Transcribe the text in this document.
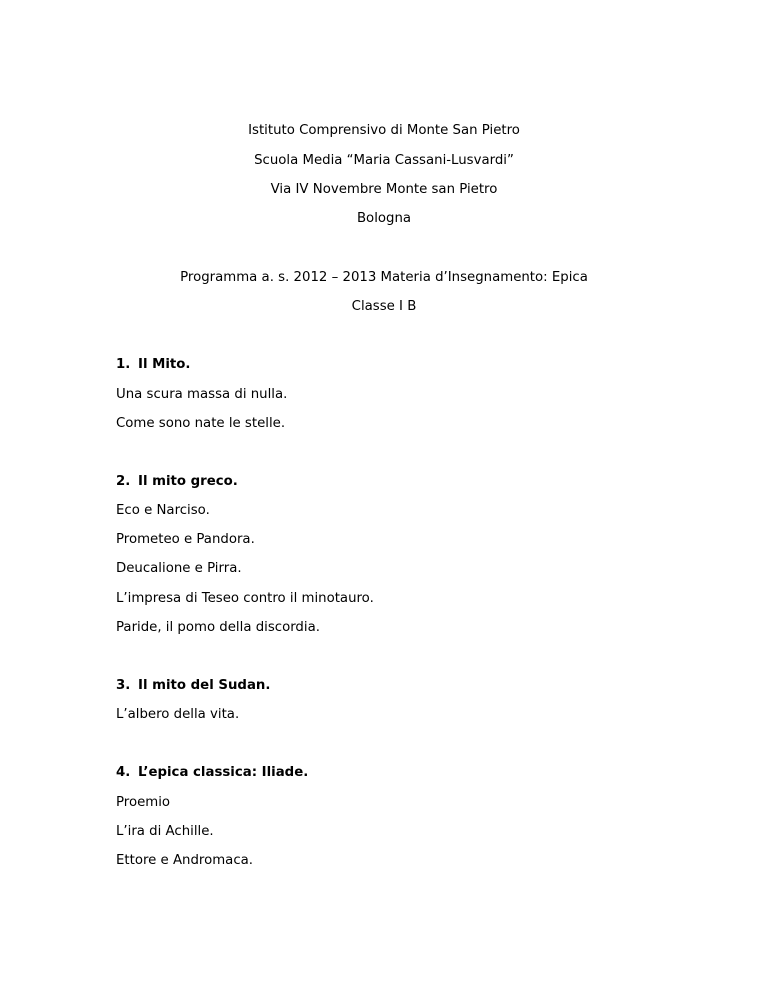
Istituto Comprensivo di Monte San Pietro
Scuola Media “Maria Cassani-Lusvardi”
Via IV Novembre Monte san Pietro
Bologna
Programma a. s. 2012 – 2013 Materia d’Insegnamento: Epica
Classe I B
1. Il Mito.
Una scura massa di nulla.
Come sono nate le stelle.
2. Il mito greco.
Eco e Narciso.
Prometeo e Pandora.
Deucalione e Pirra.
L’impresa di Teseo contro il minotauro.
Paride, il pomo della discordia.
3. Il mito del Sudan.
L’albero della vita.
4. L’epica classica: Iliade.
Proemio
L’ira di Achille.
Ettore e Andromaca.
